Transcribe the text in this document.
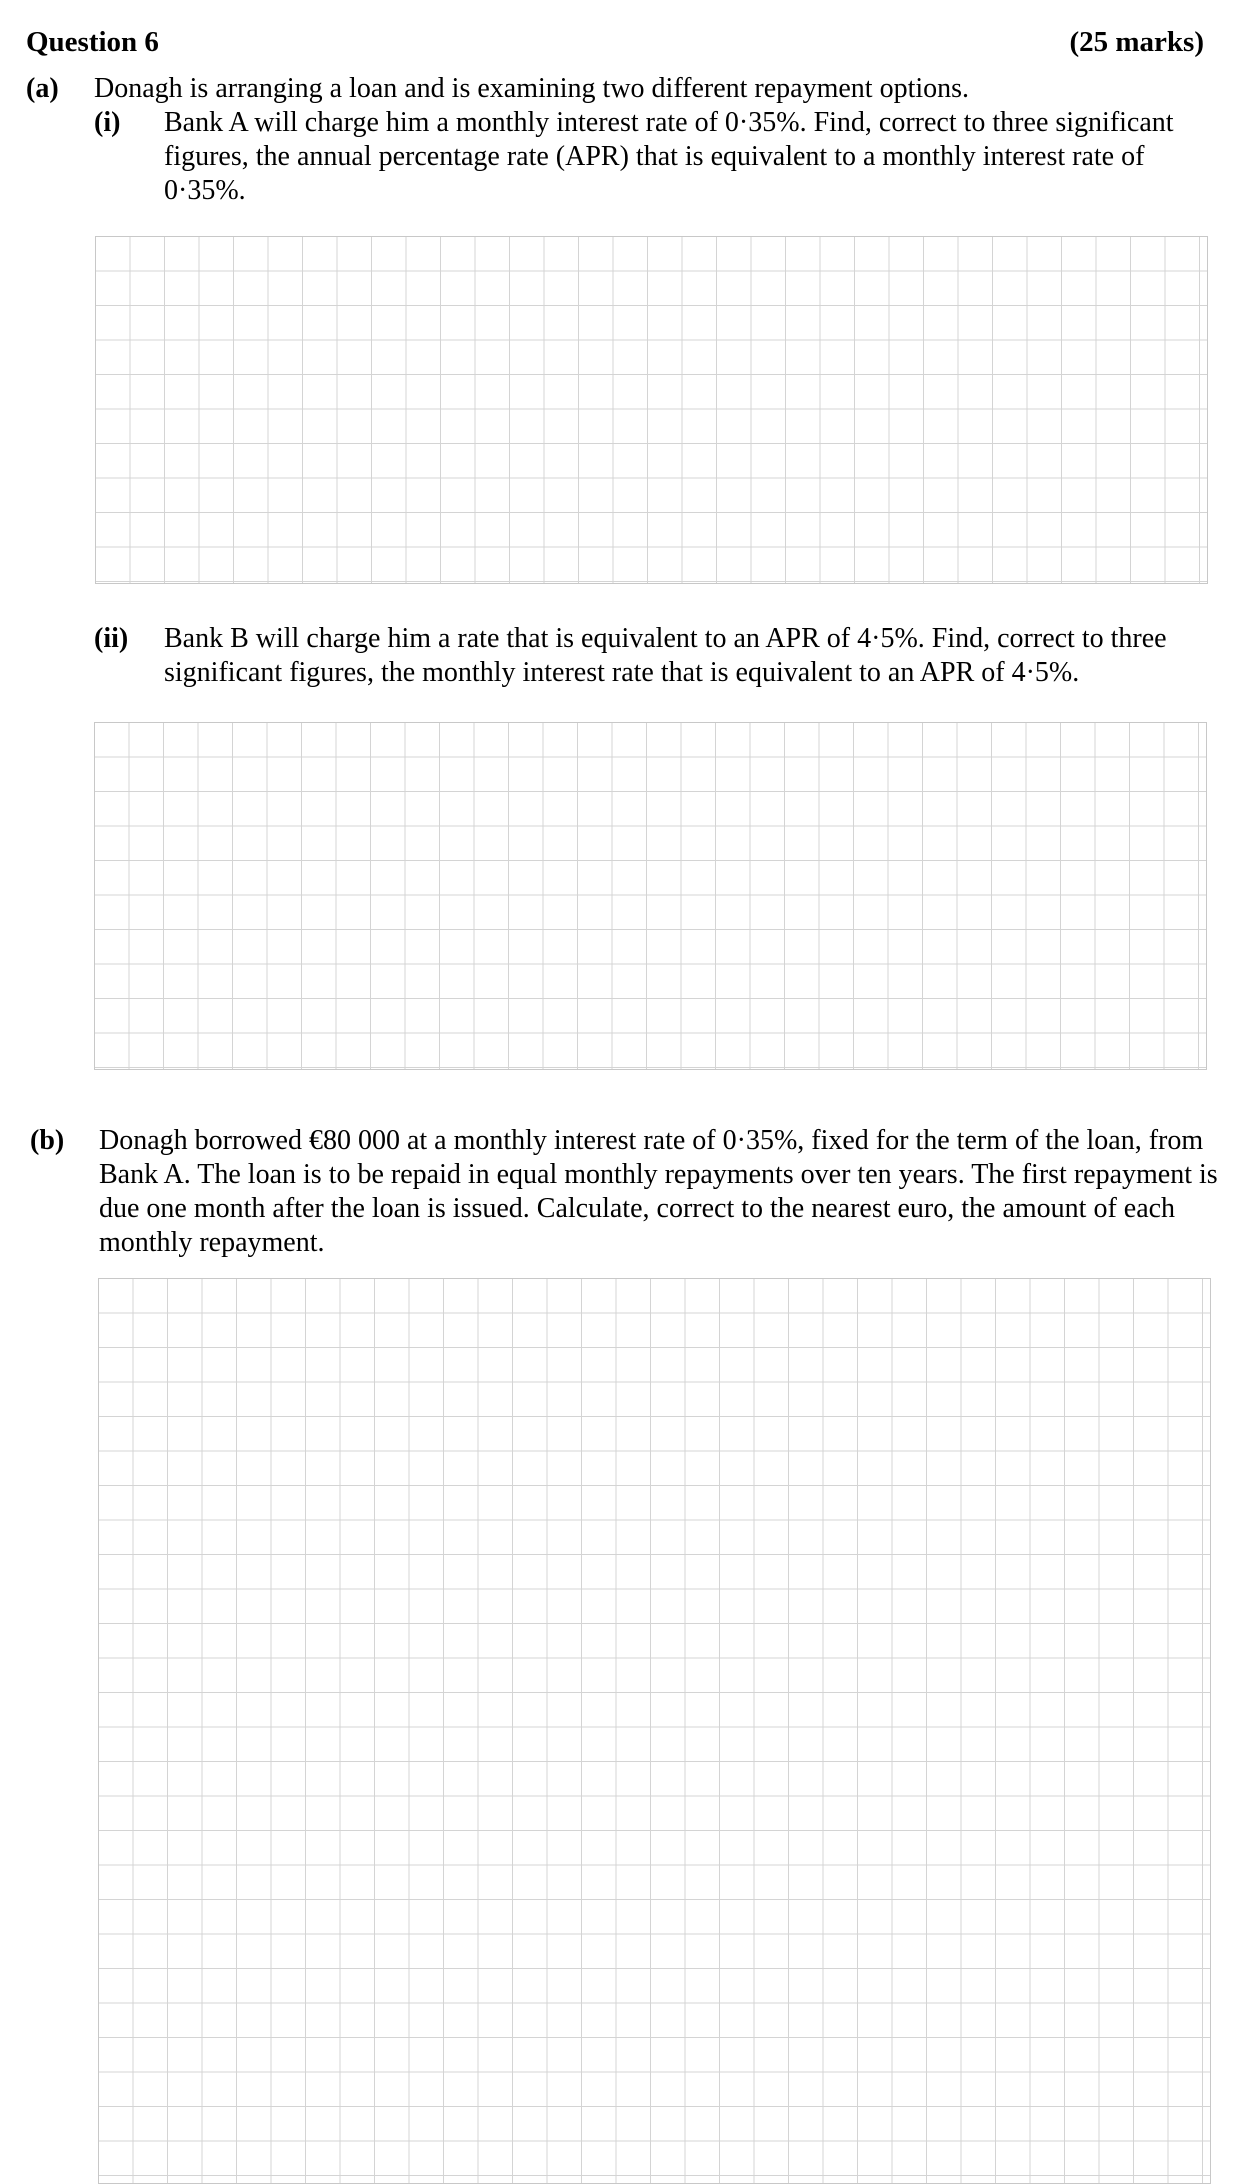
Question 6	(25 marks)
(a) Donagh is arranging a loan and is examining two different repayment options.
(i) Bank A will charge him a monthly interest rate of 0·35%. Find, correct to three significant figures, the annual percentage rate (APR) that is equivalent to a monthly interest rate of 0·35%.
(ii) Bank B will charge him a rate that is equivalent to an APR of 4·5%. Find, correct to three significant figures, the monthly interest rate that is equivalent to an APR of 4·5%.
(b) Donagh borrowed €80 000 at a monthly interest rate of 0·35%, fixed for the term of the loan, from Bank A. The loan is to be repaid in equal monthly repayments over ten years. The first repayment is due one month after the loan is issued. Calculate, correct to the nearest euro, the amount of each monthly repayment.
